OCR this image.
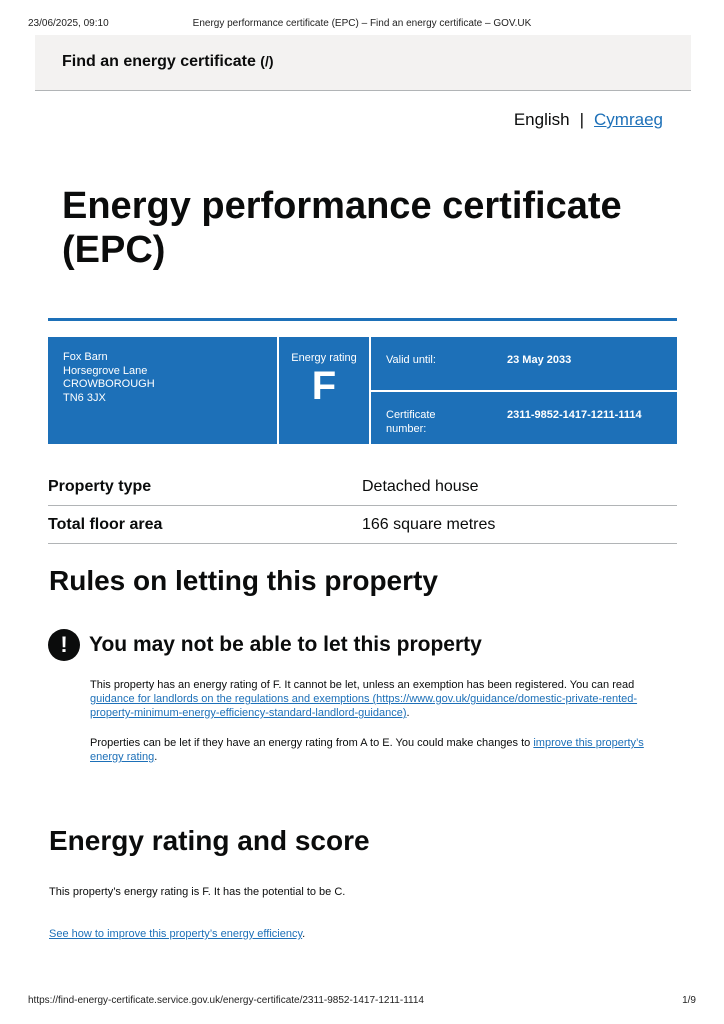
23/06/2025, 09:10	Energy performance certificate (EPC) – Find an energy certificate – GOV.UK
Find an energy certificate (/)
English | Cymraeg
Energy performance certificate (EPC)
Fox Barn
Horsegrove Lane
CROWBOROUGH
TN6 3JX
Energy rating
F
Valid until:	23 May 2033
Certificate
number:
2311-9852-1417-1211-1114
Property type	Detached house
Total floor area	166 square metres
Rules on letting this property
!	You may not be able to let this property

This property has an energy rating of F. It cannot be let, unless an exemption has been registered. You can read guidance for landlords on the regulations and exemptions (https://www.gov.uk/guidance/domestic-private-rented-property-minimum-energy-efficiency-standard-landlord-guidance).

Properties can be let if they have an energy rating from A to E. You could make changes to improve this property’s energy rating.

Energy rating and score

This property’s energy rating is F. It has the potential to be C.

See how to improve this property’s energy efficiency.

https://find-energy-certificate.service.gov.uk/energy-certificate/2311-9852-1417-1211-1114	1/9
